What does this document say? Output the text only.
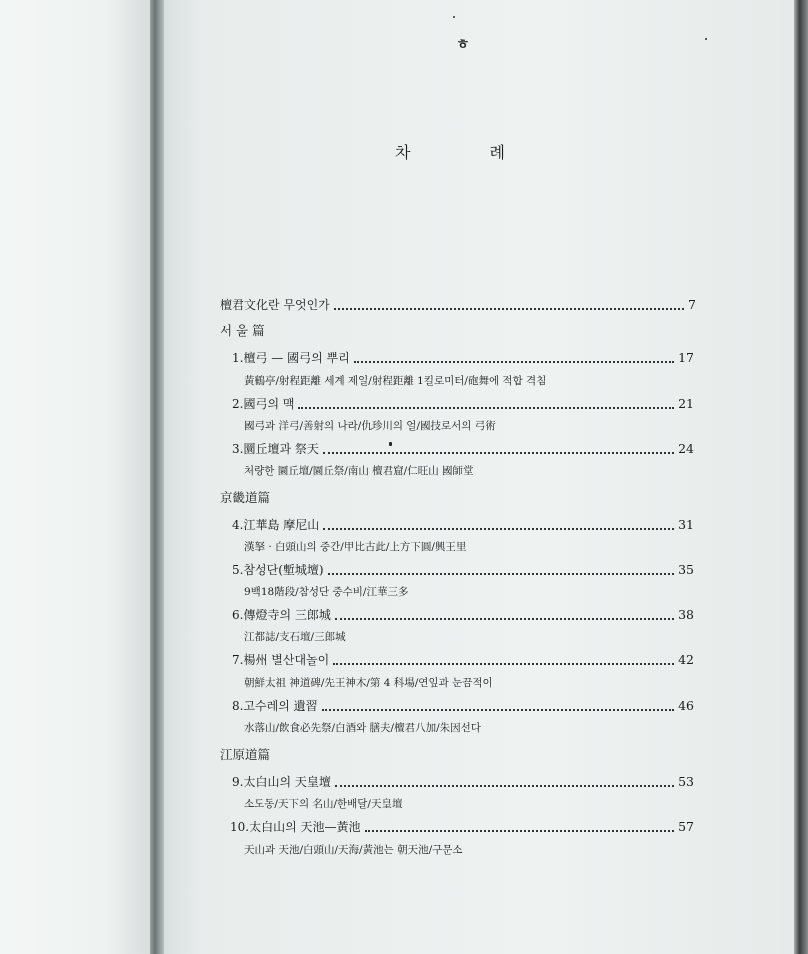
ㅎ
차	례
檀君文化란 무엇인가	7
서 울 篇
1.檀弓 — 國弓의 뿌리	17
黃鶴亭/射程距離 세계 제일/射程距離 1킬로미터/砲舞에 적합 격침
2.國弓의 맥	21
國弓과 洋弓/善射의 나라/仇珍川의 얼/國技로서의 弓術
3.圜丘壇과 祭天	24
처량한 圜丘壇/圜丘祭/南山 檀君窟/仁旺山 國師堂
京畿道篇
4.江華島 摩尼山	31
漢拏 · 白頭山의 중간/甲比古此/上方下圓/興王里
5.참성단(塹城壇)	35
9백18階段/참성단 중수비/江華三多
6.傳燈寺의 三郎城	38
江都誌/支石壇/三郎城
7.楊州 별산대놀이	42
朝鮮太祖 神道碑/先王神木/第 4 科場/연잎과 눈끔적이
8.고수레의 遺習	46
水落山/飲食必先祭/白酒와 膳夫/檀君八加/朱因선다
江原道篇
9.太白山의 天皇壇	53
소도동/天下의 名山/한배달/天皇壇
10.太白山의 天池—黃池	57
天山과 天池/白頭山/天海/黃池는 朝天池/구문소
